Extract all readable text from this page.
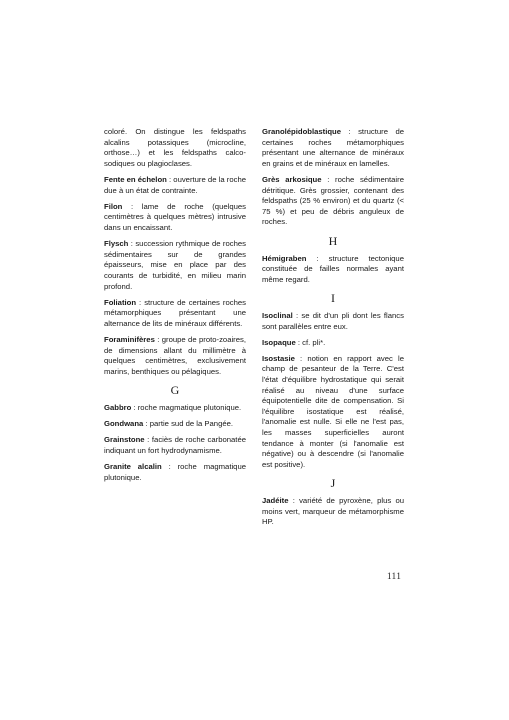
coloré. On distingue les feldspaths alcalins potassiques (microcline, orthose…) et les feldspaths calco-sodiques ou plagioclases.

Fente en échelon : ouverture de la roche due à un état de contrainte.

Filon : lame de roche (quelques centimètres à quelques mètres) intrusive dans un encaissant.

Flysch : succession rythmique de roches sédimentaires sur de grandes épaisseurs, mise en place par des courants de turbidité, en milieu marin profond.

Foliation : structure de certaines roches métamorphiques présentant une alternance de lits de minéraux différents.

Foraminifères : groupe de proto-zoaires, de dimensions allant du millimètre à quelques centimètres, exclusivement marins, benthiques ou pélagiques.

G

Gabbro : roche magmatique plutonique.

Gondwana : partie sud de la Pangée.

Grainstone : faciès de roche carbonatée indiquant un fort hydrodynamisme.

Granite alcalin : roche magmatique plutonique.

Granolépidoblastique : structure de certaines roches métamorphiques présentant une alternance de minéraux en grains et de minéraux en lamelles.

Grès arkosique : roche sédimentaire détritique. Grès grossier, contenant des feldspaths (25 % environ) et du quartz (< 75 %) et peu de débris anguleux de roches.

H

Hémigraben : structure tectonique constituée de failles normales ayant même regard.

I

Isoclinal : se dit d'un pli dont les flancs sont parallèles entre eux.

Isopaque : cf. pli*.

Isostasie : notion en rapport avec le champ de pesanteur de la Terre. C'est l'état d'équilibre hydrostatique qui serait réalisé au niveau d'une surface équipotentielle dite de compensation. Si l'équilibre isostatique est réalisé, l'anomalie est nulle. Si elle ne l'est pas, les masses superficielles auront tendance à monter (si l'anomalie est négative) ou à descendre (si l'anomalie est positive).

J

Jadéite : variété de pyroxène, plus ou moins vert, marqueur de métamorphisme HP.

111
